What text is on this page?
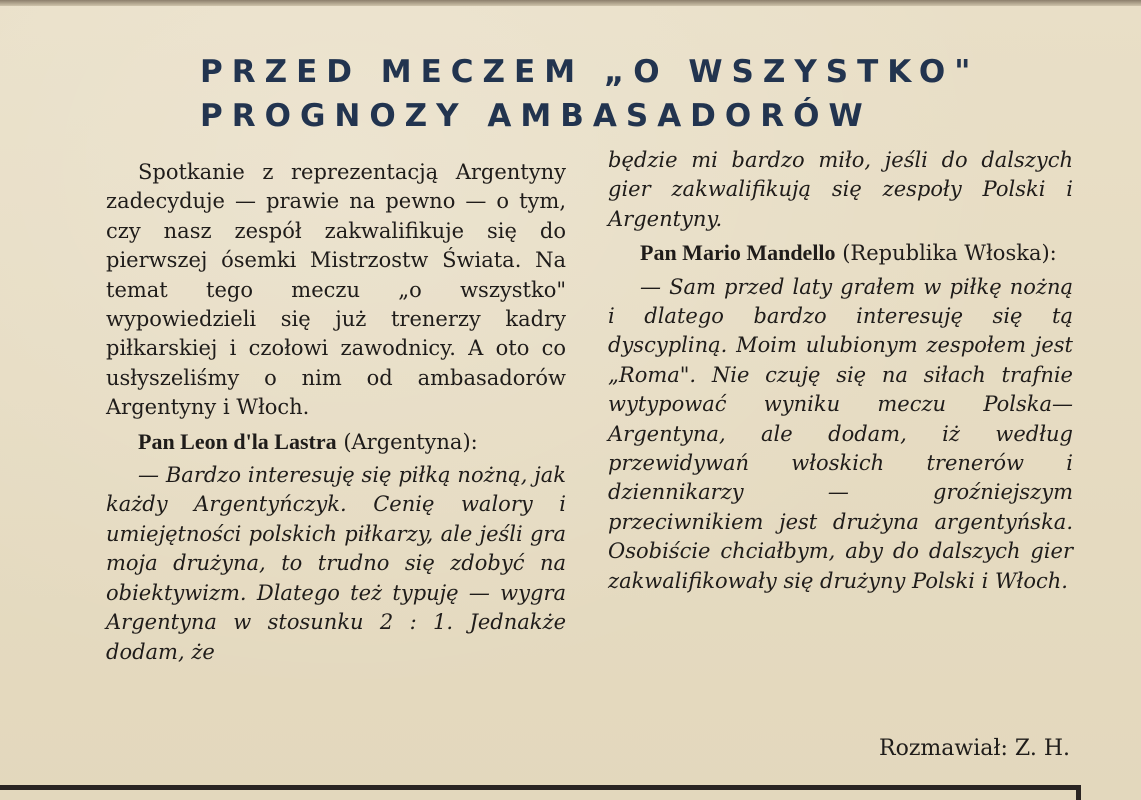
PRZED MECZEM „O WSZYSTKO"
PROGNOZY AMBASADORÓW

Spotkanie z reprezentacją Argentyny zadecyduje — prawie na pewno — o tym, czy nasz zespół zakwalifikuje się do pierwszej ósemki Mistrzostw Świata. Na temat tego meczu „o wszystko" wypowiedzieli się już trenerzy kadry piłkarskiej i czołowi zawodnicy. A oto co usłyszeliśmy o nim od ambasadorów Argentyny i Włoch.

Pan Leon d'la Lastra (Argentyna):

— Bardzo interesuję się piłką nożną, jak każdy Argentyńczyk. Cenię walory i umiejętności polskich piłkarzy, ale jeśli gra moja drużyna, to trudno się zdobyć na obiektywizm. Dlatego też typuję — wygra Argentyna w stosunku 2 : 1. Jednakże dodam, że

będzie mi bardzo miło, jeśli do dalszych gier zakwalifikują się zespoły Polski i Argentyny.

Pan Mario Mandello (Republika Włoska):

— Sam przed laty grałem w piłkę nożną i dlatego bardzo interesuję się tą dyscypliną. Moim ulubionym zespołem jest „Roma". Nie czuję się na siłach trafnie wytypować wyniku meczu Polska—Argentyna, ale dodam, iż według przewidywań włoskich trenerów i dziennikarzy — groźniejszym przeciwnikiem jest drużyna argentyńska. Osobiście chciałbym, aby do dalszych gier zakwalifikowały się drużyny Polski i Włoch.

Rozmawiał: Z. H.
